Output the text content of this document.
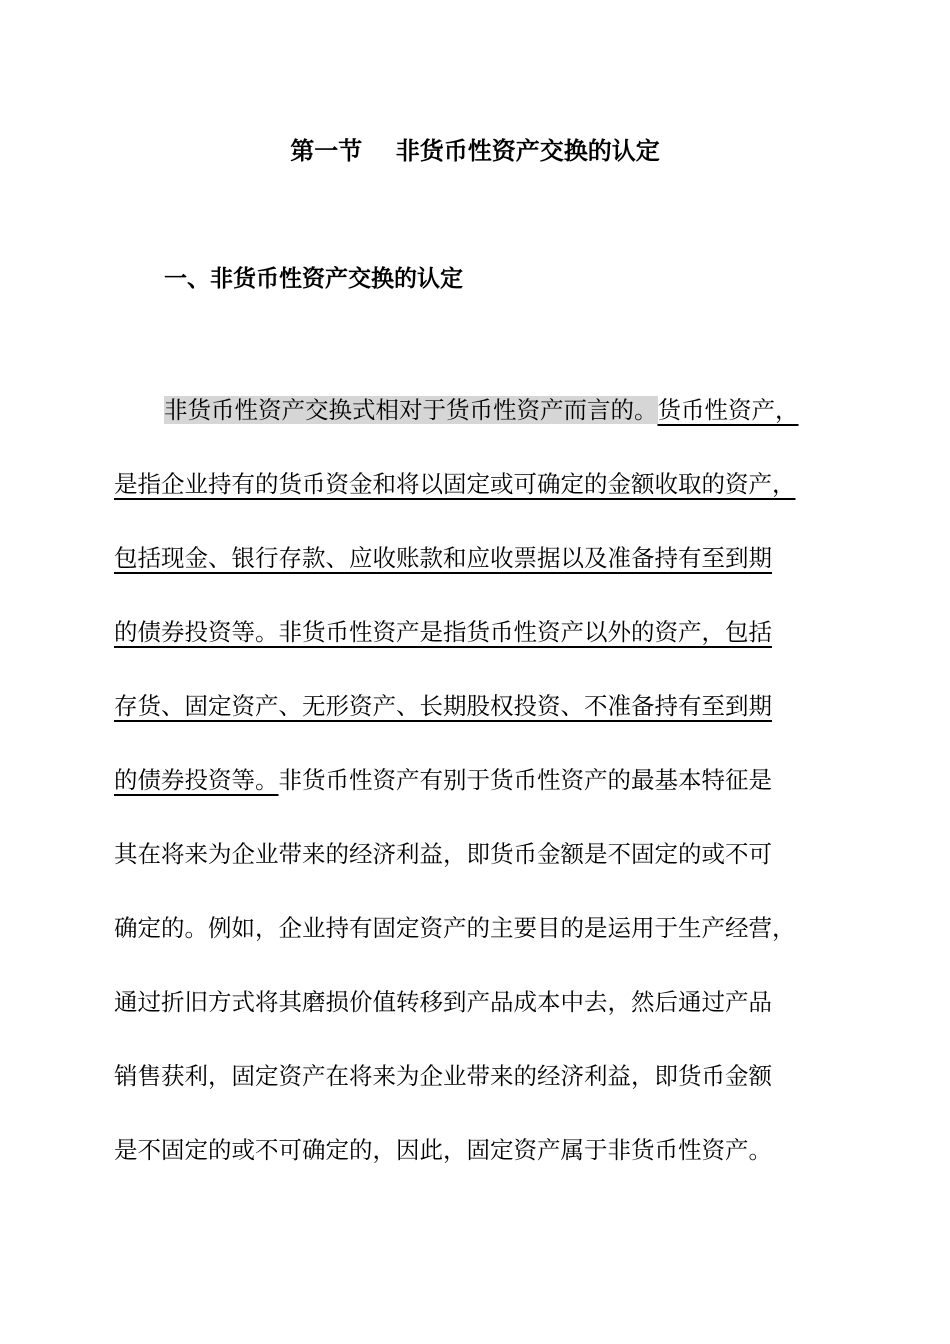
第一节    非货币性资产交换的认定
一、非货币性资产交换的认定
非货币性资产交换式相对于货币性资产而言的。货币性资产，
是指企业持有的货币资金和将以固定或可确定的金额收取的资产，
包括现金、银行存款、应收账款和应收票据以及准备持有至到期
的债券投资等。非货币性资产是指货币性资产以外的资产，包括
存货、固定资产、无形资产、长期股权投资、不准备持有至到期
的债券投资等。非货币性资产有别于货币性资产的最基本特征是
其在将来为企业带来的经济利益，即货币金额是不固定的或不可
确定的。例如，企业持有固定资产的主要目的是运用于生产经营，
通过折旧方式将其磨损价值转移到产品成本中去，然后通过产品
销售获利，固定资产在将来为企业带来的经济利益，即货币金额
是不固定的或不可确定的，因此，固定资产属于非货币性资产。
